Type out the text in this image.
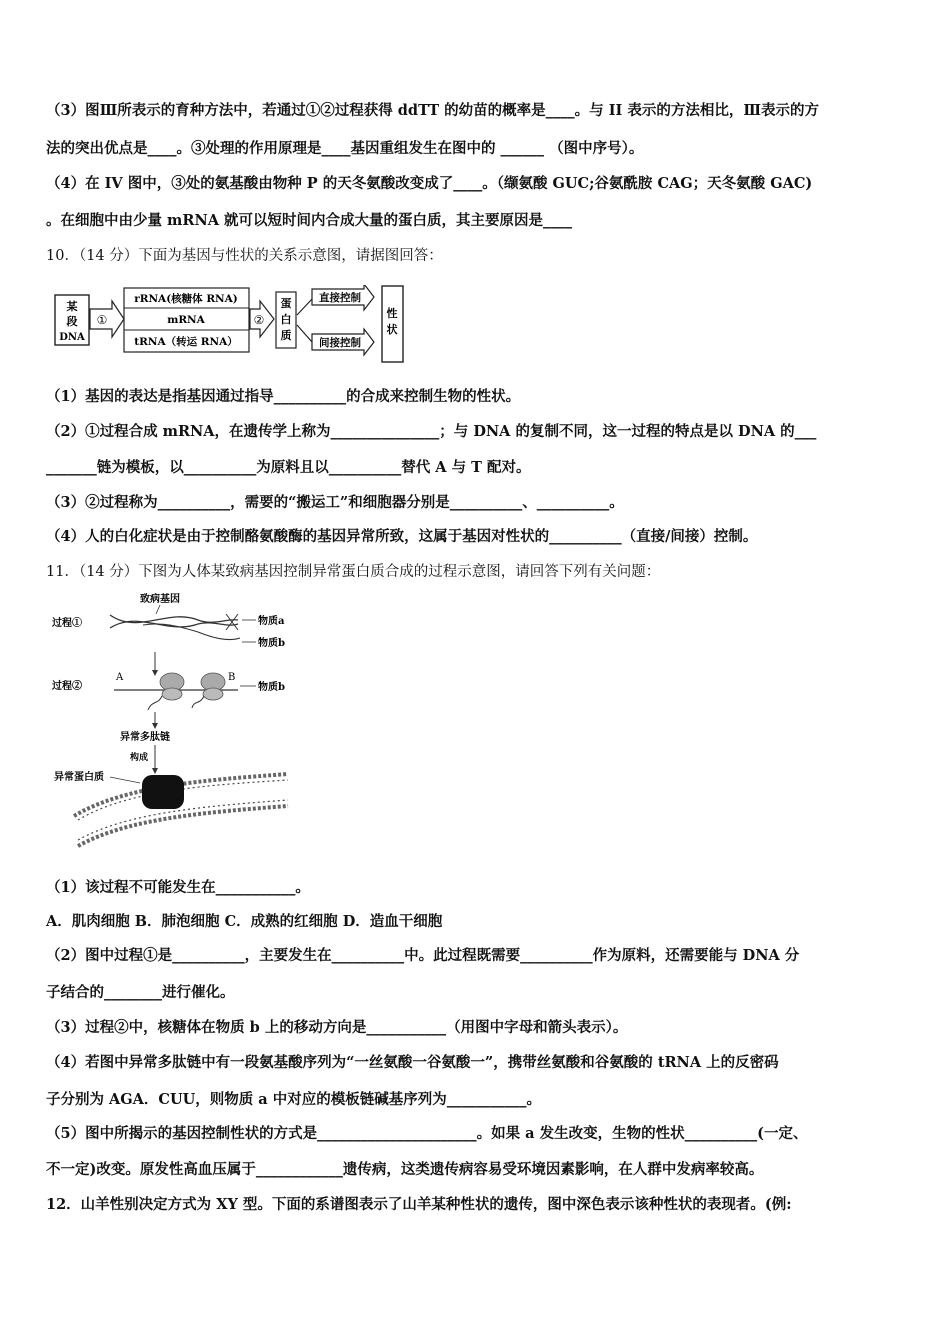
（3）图Ⅲ所表示的育种方法中，若通过①②过程获得 ddTT 的幼苗的概率是____。与 II 表示的方法相比，Ⅲ表示的方
法的突出优点是____。③处理的作用原理是____基因重组发生在图中的 ______ （图中序号）。
（4）在 IV 图中，③处的氨基酸由物种 P 的天冬氨酸改变成了____。（缬氨酸 GUC;谷氨酰胺 CAG；天冬氨酸 GAC)
。在细胞中由少量 mRNA 就可以短时间内合成大量的蛋白质，其主要原因是____
10．（14 分）下面为基因与性状的关系示意图，请据图回答：
某
段
DNA
①
rRNA(核糖体 RNA)
mRNA
tRNA（转运 RNA）
②
蛋
白
质
直接控制
间接控制
性
状
（1）基因的表达是指基因通过指导__________的合成来控制生物的性状。
（2）①过程合成 mRNA，在遗传学上称为_______________；与 DNA 的复制不同，这一过程的特点是以 DNA 的___
_______链为模板，以__________为原料且以__________替代 A 与 T 配对。
（3）②过程称为__________，需要的“搬运工”和细胞器分别是__________、__________。
（4）人的白化症状是由于控制酪氨酸酶的基因异常所致，这属于基因对性状的__________（直接/间接）控制。
11．（14 分）下图为人体某致病基因控制异常蛋白质合成的过程示意图，请回答下列有关问题：
致病基因
过程①	物质a
物质b
过程②
A	B
物质b
异常多肽链
构成
异常蛋白质
（1）该过程不可能发生在___________。
A．肌肉细胞 B．肺泡细胞 C．成熟的红细胞 D．造血干细胞
（2）图中过程①是__________，主要发生在__________中。此过程既需要__________作为原料，还需要能与 DNA 分
子结合的________进行催化。
（3）过程②中，核糖体在物质 b 上的移动方向是___________（用图中字母和箭头表示）。
（4）若图中异常多肽链中有一段氨基酸序列为“一丝氨酸一谷氨酸一”，携带丝氨酸和谷氨酸的 tRNA 上的反密码
子分别为 AGA．CUU，则物质 a 中对应的模板链碱基序列为___________。
（5）图中所揭示的基因控制性状的方式是______________________。如果 a 发生改变，生物的性状__________(一定、
不一定)改变。原发性高血压属于____________遗传病，这类遗传病容易受环境因素影响，在人群中发病率较高。
12．山羊性别决定方式为 XY 型。下面的系谱图表示了山羊某种性状的遗传，图中深色表示该种性状的表现者。(例:
